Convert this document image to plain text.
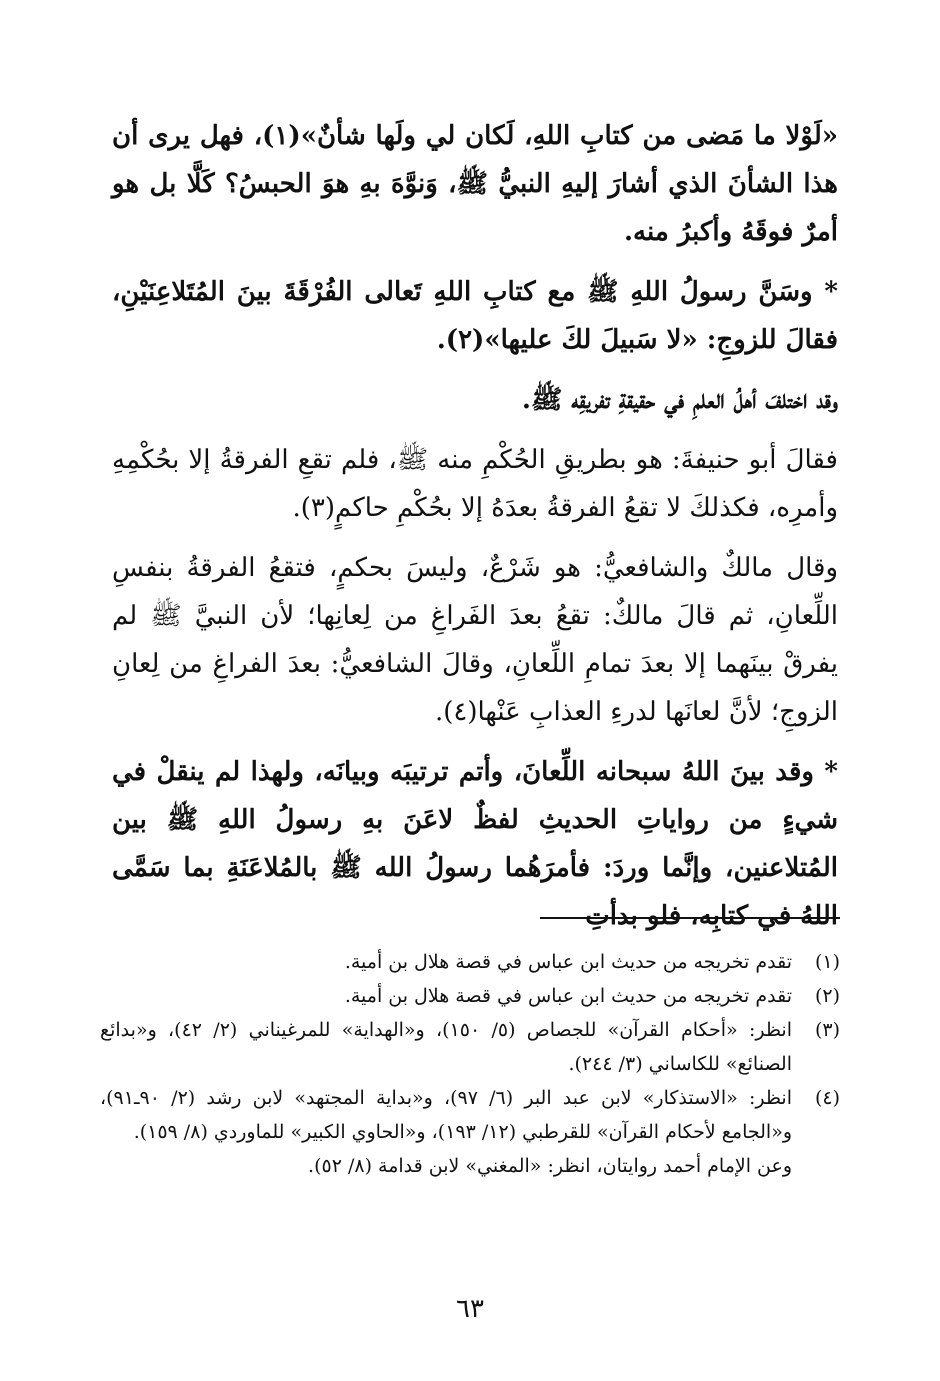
«لَوْلا ما مَضى من كتابِ اللهِ، لَكان لي ولَها شأنٌ»(١)، فهل يرى أن هذا الشأنَ الذي أشارَ إليهِ النبيُّ ﷺ، وَنوَّهَ بهِ هوَ الحبسُ؟ كَلَّا بل هو أمرٌ فوقَهُ وأكبرُ منه.

* وسَنَّ رسولُ اللهِ ﷺ مع كتابِ اللهِ تَعالى الفُرْقَةَ بينَ المُتَلاعِنَيْنِ، فقالَ للزوجِ: «لا سَبيلَ لكَ عليها»(٢).

وقد اختلفَ أهلُ العلمِ في حقيقةِ تفريقِه ﷺ.

فقالَ أبو حنيفةَ: هو بطريقِ الحُكْمِ منه ﷺ، فلم تقعِ الفرقةُ إلا بحُكْمِهِ وأمرِه، فكذلكَ لا تقعُ الفرقةُ بعدَهُ إلا بحُكْمِ حاكمٍ(٣).

وقال مالكٌ والشافعيُّ: هو شَرْعٌ، وليسَ بحكمٍ، فتقعُ الفرقةُ بنفسِ اللِّعانِ، ثم قالَ مالكٌ: تقعُ بعدَ الفَراغِ من لِعانِها؛ لأن النبيَّ ﷺ لم يفرقْ بينَهما إلا بعدَ تمامِ اللِّعانِ، وقالَ الشافعيُّ: بعدَ الفراغِ من لِعانِ الزوجِ؛ لأنَّ لعانَها لدرءِ العذابِ عَنْها(٤).

* وقد بينَ اللهُ سبحانه اللِّعانَ، وأتم ترتيبَه وبيانَه، ولهذا لم ينقلْ في شيءٍ من رواياتِ الحديثِ لفظٌ لاعَنَ بهِ رسولُ اللهِ ﷺ بين المُتلاعنين، وإنَّما وردَ: فأمرَهُما رسولُ الله ﷺ بالمُلاعَنَةِ بما سَمَّى اللهُ في كتابِه، فلو بدأتِ

(١)
تقدم تخريجه من حديث ابن عباس في قصة هلال بن أمية.
(٢)
تقدم تخريجه من حديث ابن عباس في قصة هلال بن أمية.
(٣)
انظر: «أحكام القرآن» للجصاص (٥/ ١٥٠)، و«الهداية» للمرغيناني (٢/ ٤٢)، و«بدائع الصنائع» للكاساني (٣/ ٢٤٤).
(٤)
انظر: «الاستذكار» لابن عبد البر (٦/ ٩٧)، و«بداية المجتهد» لابن رشد (٢/ ٩٠ـ٩١)، و«الجامع لأحكام القرآن» للقرطبي (١٢/ ١٩٣)، و«الحاوي الكبير» للماوردي (٨/ ١٥٩).
وعن الإمام أحمد روايتان، انظر: «المغني» لابن قدامة (٨/ ٥٢).
٦٣
